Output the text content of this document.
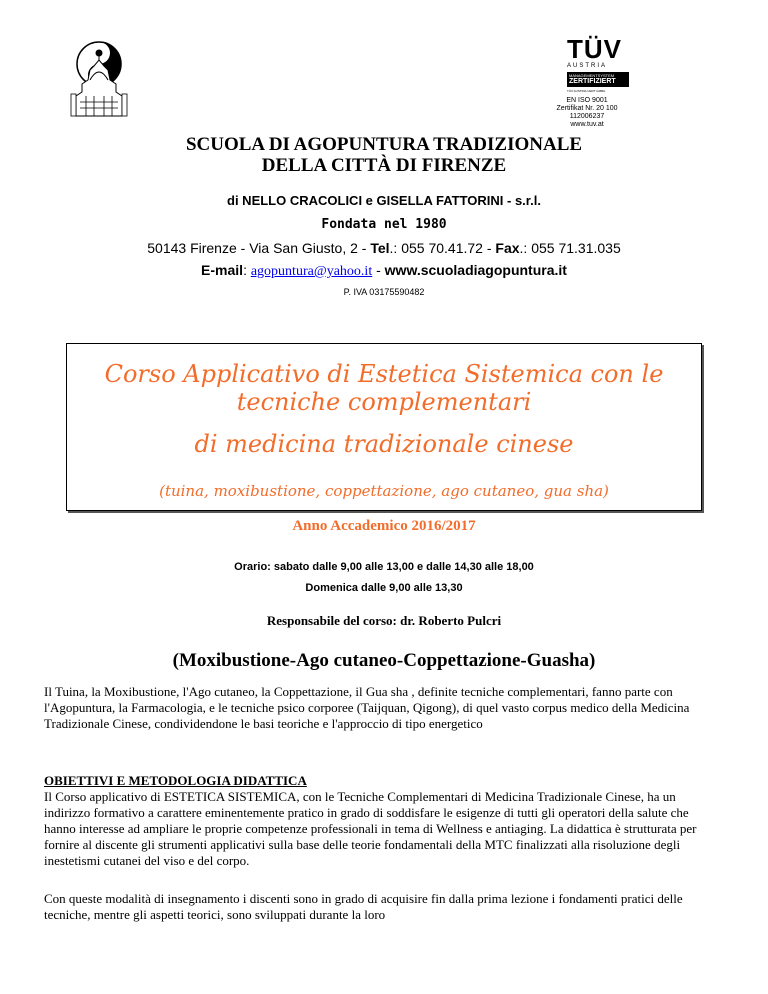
TÜV
AUSTRIA
MANAGEMENTSYSTEM
ZERTIFIZIERT
TÜV AUSTRIA CERT GMBH
EN ISO 9001
Zertifikat Nr. 20 100 112006237
www.tuv.at
SCUOLA DI AGOPUNTURA TRADIZIONALE
DELLA CITTÀ DI FIRENZE
di NELLO CRACOLICI e GISELLA FATTORINI - s.r.l.
Fondata nel 1980
50143 Firenze - Via San Giusto, 2 - Tel.: 055 70.41.72 - Fax.: 055 71.31.035
E-mail: agopuntura@yahoo.it - www.scuoladiagopuntura.it
P. IVA 03175590482
Corso Applicativo di Estetica Sistemica con le
tecniche complementari
di medicina tradizionale cinese
(tuina, moxibustione, coppettazione, ago cutaneo, gua sha)
Anno Accademico 2016/2017
Orario: sabato dalle 9,00 alle 13,00 e dalle 14,30 alle 18,00
Domenica dalle 9,00 alle 13,30
Responsabile del corso: dr. Roberto Pulcri
(Moxibustione-Ago cutaneo-Coppettazione-Guasha)
Il Tuina, la Moxibustione, l'Ago cutaneo, la Coppettazione, il Gua sha , definite tecniche complementari, fanno parte con l'Agopuntura, la Farmacologia, e le tecniche psico corporee (Taijquan, Qigong), di quel vasto corpus medico della Medicina Tradizionale Cinese, condividendone le basi teoriche e l'approccio di tipo energetico
OBIETTIVI E METODOLOGIA DIDATTICA
Il Corso applicativo di ESTETICA SISTEMICA, con le Tecniche Complementari di Medicina Tradizionale Cinese, ha un indirizzo formativo a carattere eminentemente pratico in grado di soddisfare le esigenze di tutti gli operatori della salute che hanno interesse ad ampliare le proprie competenze professionali in tema di Wellness e antiaging. La didattica è strutturata per fornire al discente gli strumenti applicativi sulla base delle teorie fondamentali della MTC finalizzati alla risoluzione degli inestetismi cutanei del viso e del corpo.
Con queste modalità di insegnamento i discenti sono in grado di acquisire fin dalla prima lezione i fondamenti pratici delle tecniche, mentre gli aspetti teorici, sono sviluppati durante la loro
